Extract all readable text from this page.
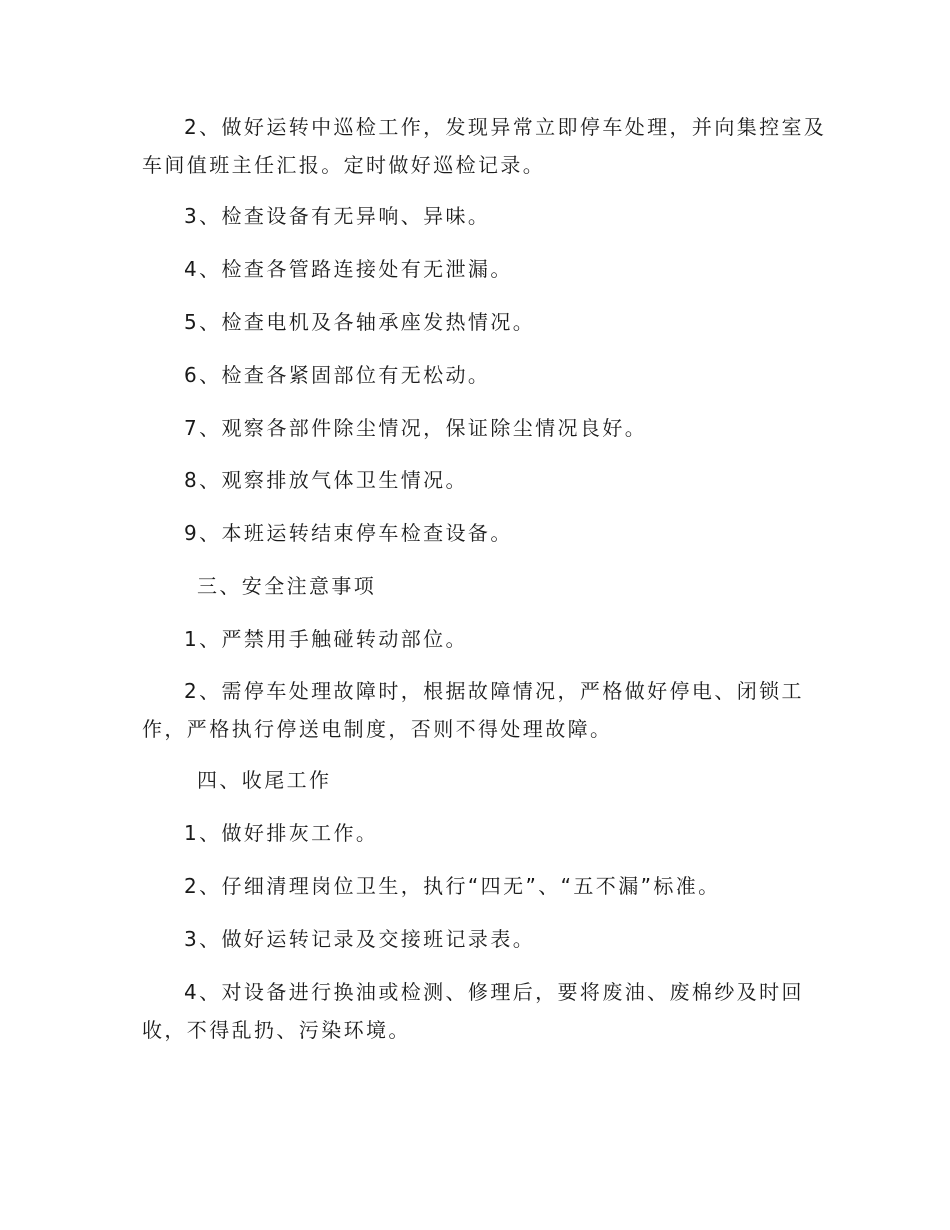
2、做好运转中巡检工作，发现异常立即停车处理，并向集控室及
车间值班主任汇报。定时做好巡检记录。
3、检查设备有无异响、异味。
4、检查各管路连接处有无泄漏。
5、检查电机及各轴承座发热情况。
6、检查各紧固部位有无松动。
7、观察各部件除尘情况，保证除尘情况良好。
8、观察排放气体卫生情况。
9、本班运转结束停车检查设备。
三、安全注意事项
1、严禁用手触碰转动部位。
2、需停车处理故障时，根据故障情况，严格做好停电、闭锁工
作，严格执行停送电制度，否则不得处理故障。
四、收尾工作
1、做好排灰工作。
2、仔细清理岗位卫生，执行“四无”、“五不漏”标准。
3、做好运转记录及交接班记录表。
4、对设备进行换油或检测、修理后，要将废油、废棉纱及时回
收，不得乱扔、污染环境。
